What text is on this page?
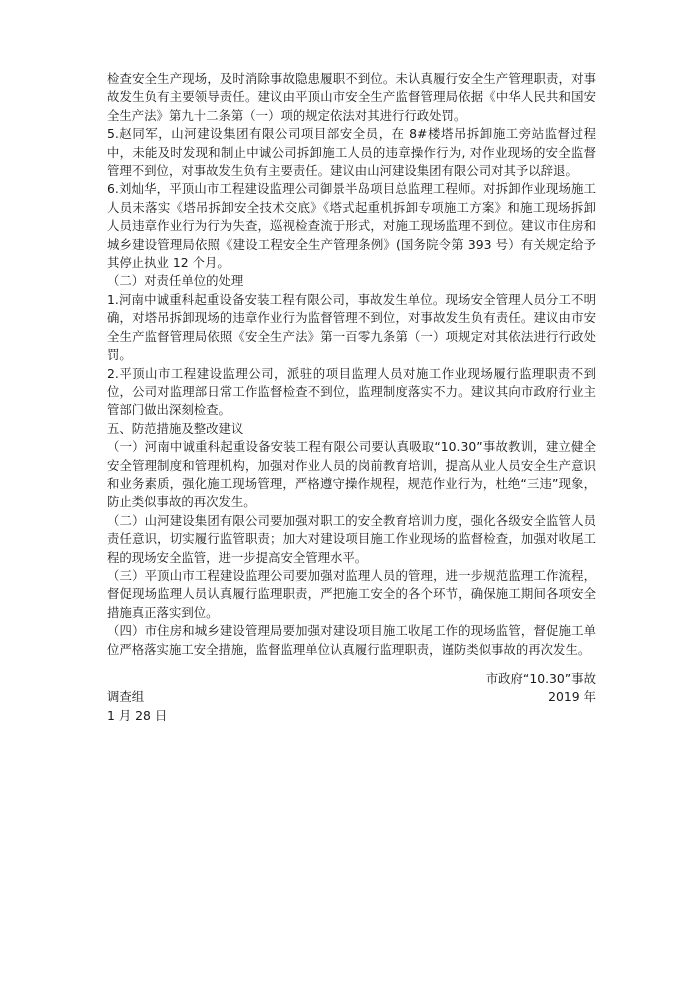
检查安全生产现场，及时消除事故隐患履职不到位。未认真履行安全生产管理职责，对事故发生负有主要领导责任。建议由平顶山市安全生产监督管理局依据《中华人民共和国安全生产法》第九十二条第（一）项的规定依法对其进行行政处罚。

5.赵同军，山河建设集团有限公司项目部安全员，在 8#楼塔吊拆卸施工旁站监督过程中，未能及时发现和制止中诚公司拆卸施工人员的违章操作行为, 对作业现场的安全监督管理不到位，对事故发生负有主要责任。建议由山河建设集团有限公司对其予以辞退。

6.刘灿华，平顶山市工程建设监理公司御景半岛项目总监理工程师。对拆卸作业现场施工人员未落实《塔吊拆卸安全技术交底》《塔式起重机拆卸专项施工方案》和施工现场拆卸人员违章作业行为行为失查，巡视检查流于形式，对施工现场监理不到位。建议市住房和城乡建设管理局依照《建设工程安全生产管理条例》(国务院令第 393 号）有关规定给予其停止执业 12 个月。

（二）对责任单位的处理

1.河南中诚重科起重设备安装工程有限公司，事故发生单位。现场安全管理人员分工不明确，对塔吊拆卸现场的违章作业行为监督管理不到位，对事故发生负有责任。建议由市安全生产监督管理局依照《安全生产法》第一百零九条第（一）项规定对其依法进行行政处罚。

2.平顶山市工程建设监理公司，派驻的项目监理人员对施工作业现场履行监理职责不到位，公司对监理部日常工作监督检查不到位，监理制度落实不力。建议其向市政府行业主管部门做出深刻检查。

五、防范措施及整改建议

（一）河南中诚重科起重设备安装工程有限公司要认真吸取“10.30”事故教训，建立健全安全管理制度和管理机构，加强对作业人员的岗前教育培训，提高从业人员安全生产意识和业务素质，强化施工现场管理，严格遵守操作规程，规范作业行为，杜绝“三违”现象，防止类似事故的再次发生。

（二）山河建设集团有限公司要加强对职工的安全教育培训力度，强化各级安全监管人员责任意识，切实履行监管职责；加大对建设项目施工作业现场的监督检查，加强对收尾工程的现场安全监管，进一步提高安全管理水平。

（三）平顶山市工程建设监理公司要加强对监理人员的管理，进一步规范监理工作流程，督促现场监理人员认真履行监理职责，严把施工安全的各个环节，确保施工期间各项安全措施真正落实到位。

（四）市住房和城乡建设管理局要加强对建设项目施工收尾工作的现场监管，督促施工单位严格落实施工安全措施，监督监理单位认真履行监理职责，谨防类似事故的再次发生。

市政府“10.30”事故
调查组	2019 年
1 月 28 日
